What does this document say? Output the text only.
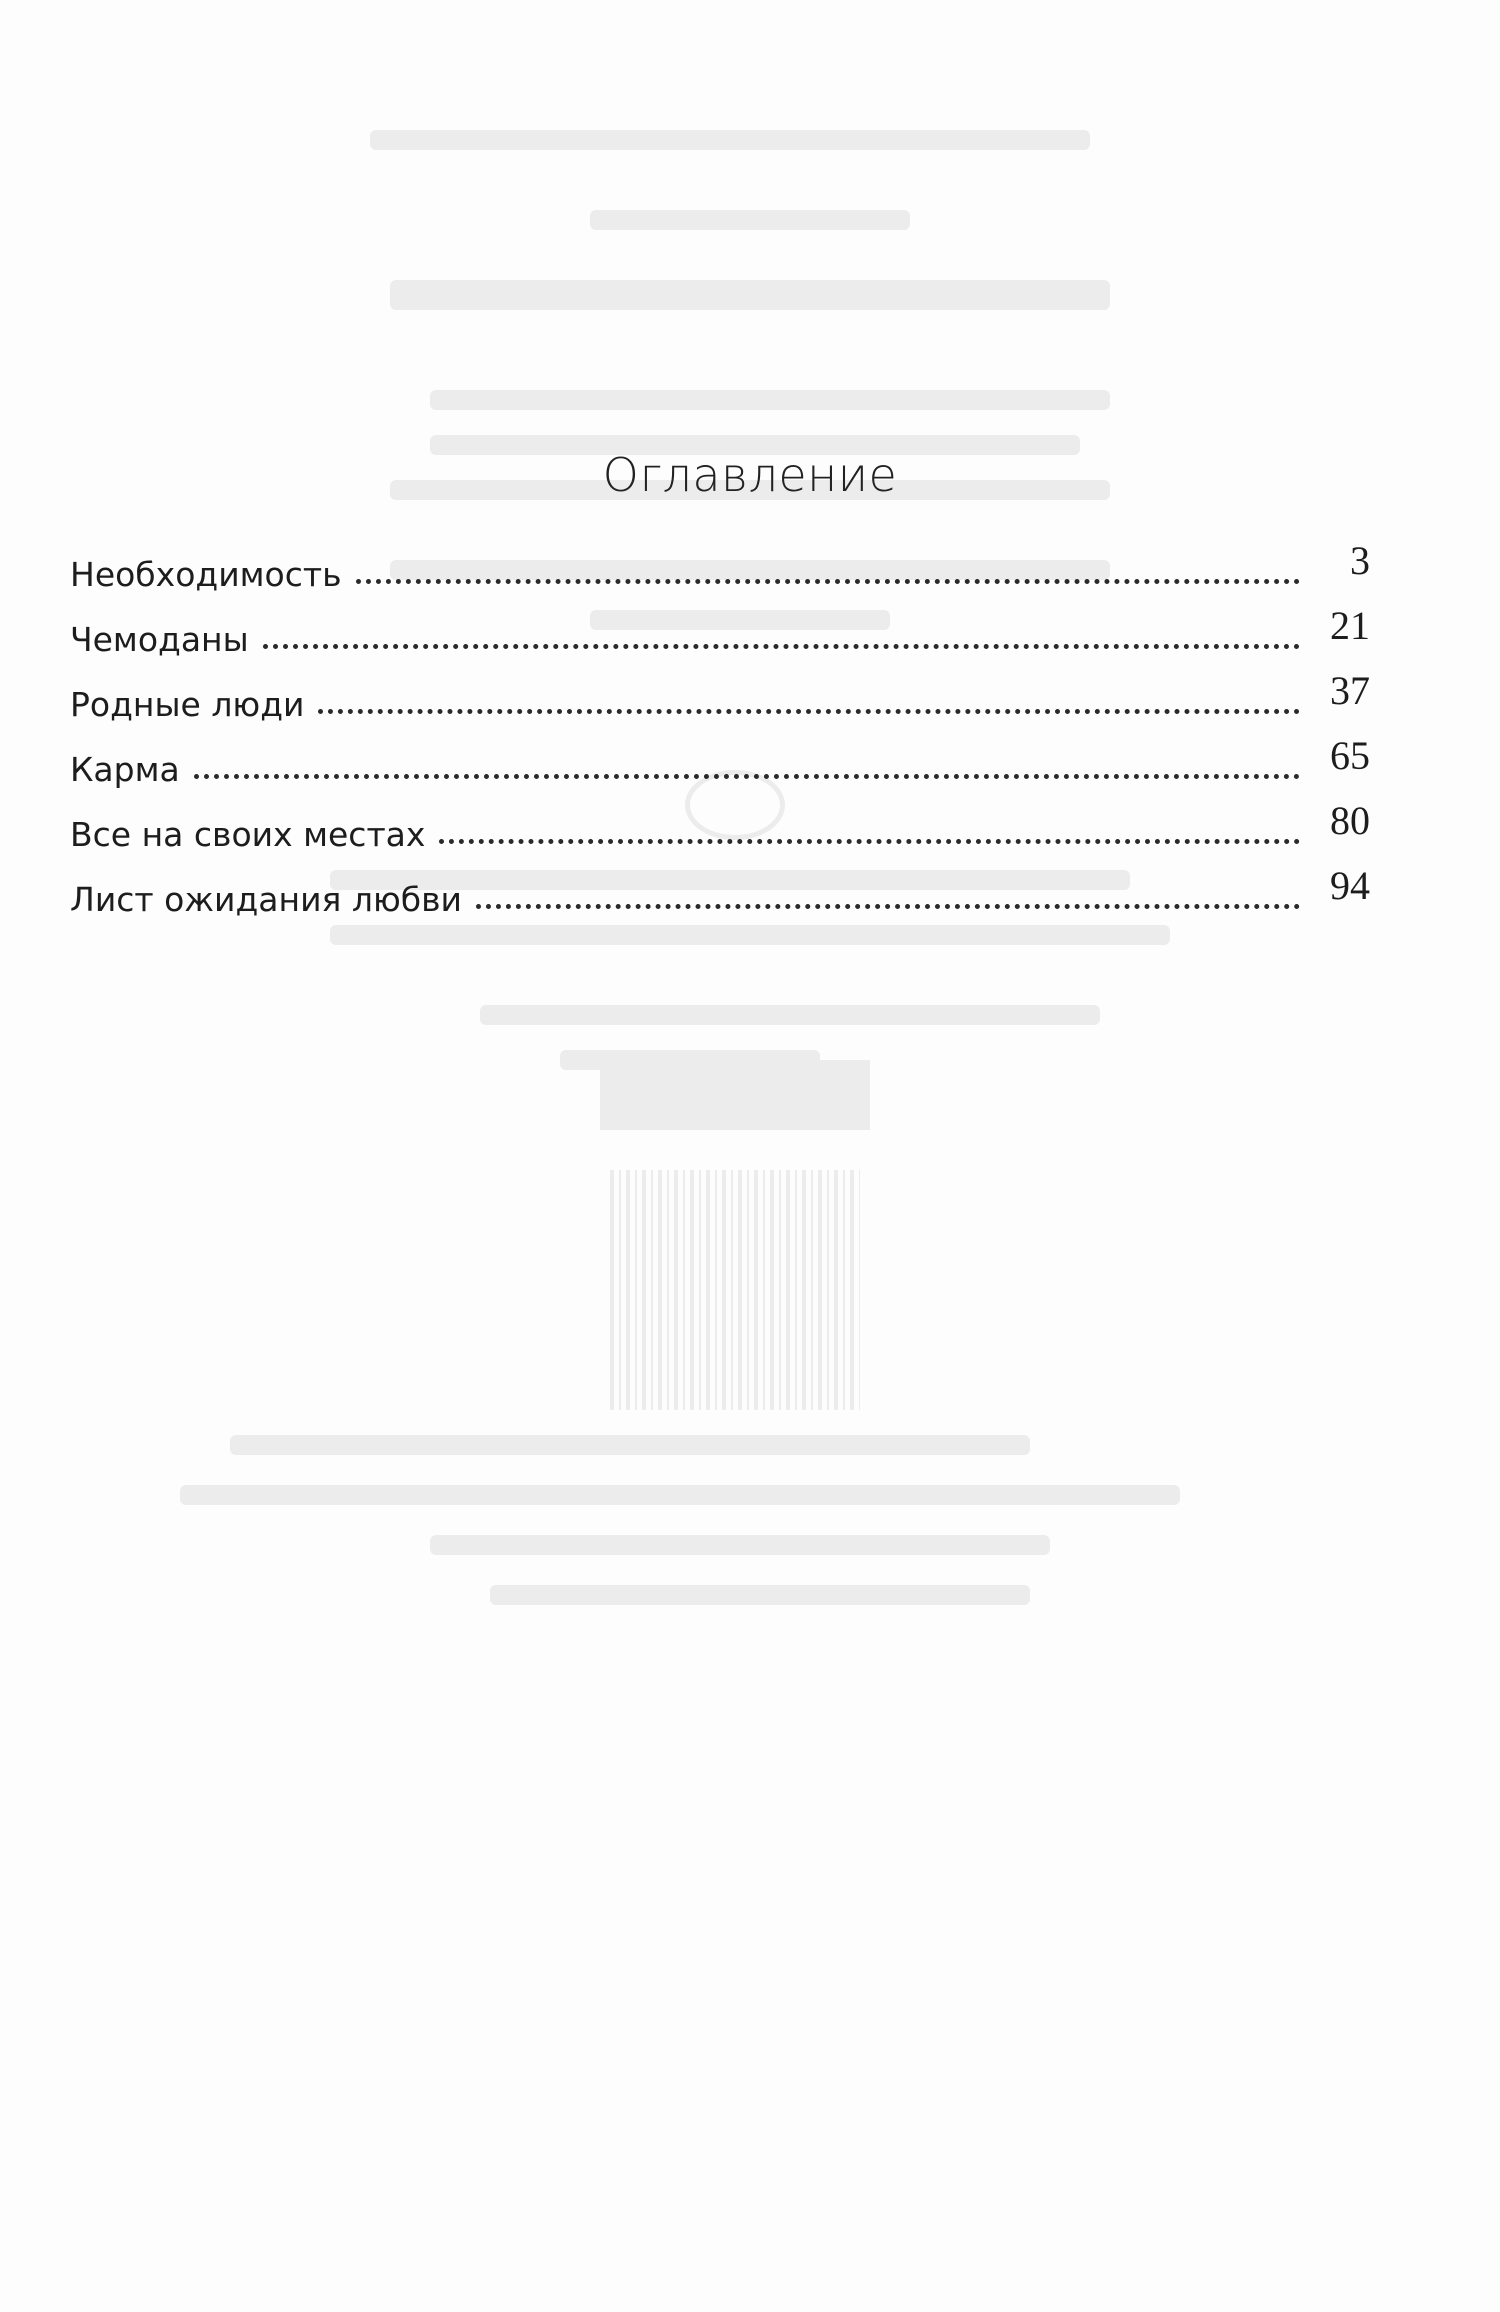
Оглавление
Необходимость	3
Чемоданы	21
Родные люди	37
Карма	65
Все на своих местах	80
Лист ожидания любви	94
